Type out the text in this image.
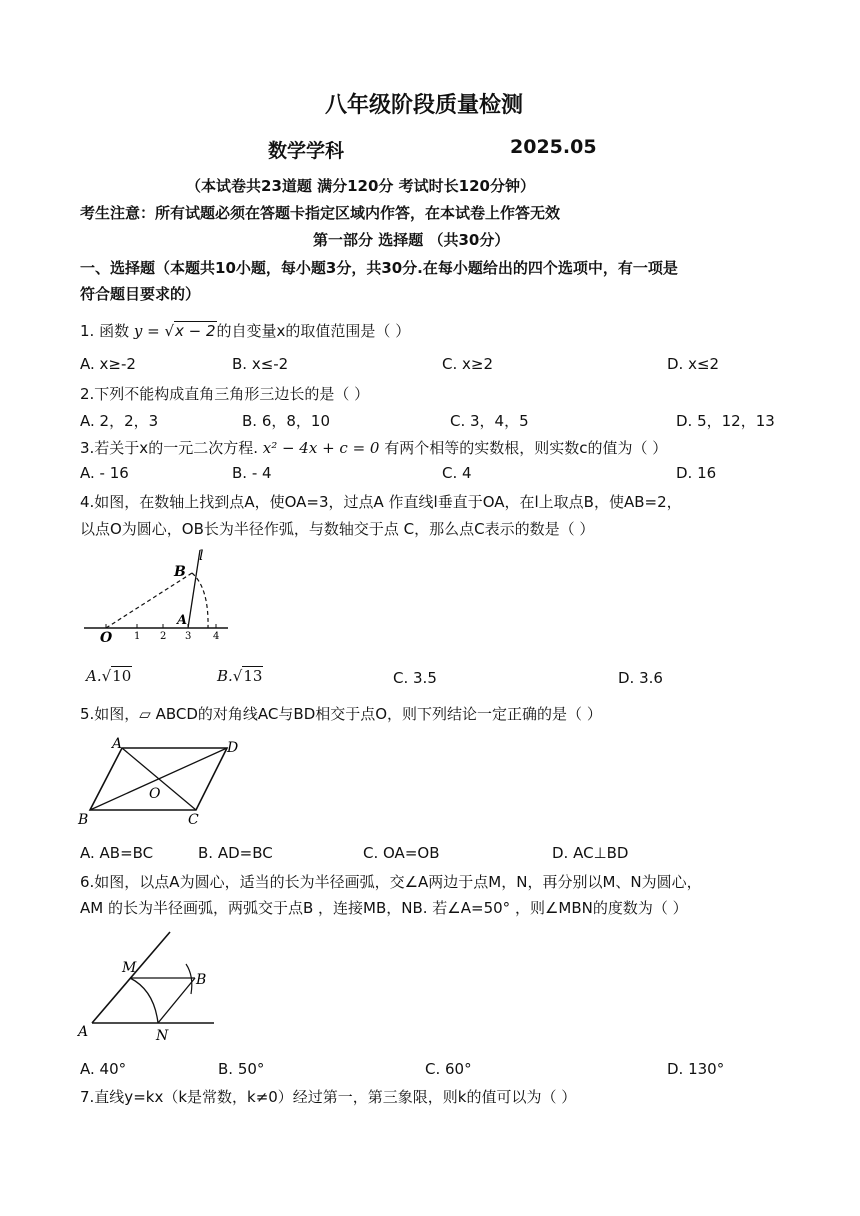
八年级阶段质量检测
数学学科	2025.05
（本试卷共23道题 满分120分 考试时长120分钟）
考生注意：所有试题必须在答题卡指定区域内作答，在本试卷上作答无效
第一部分 选择题 （共30分）
一、选择题（本题共10小题，每小题3分，共30分.在每小题给出的四个选项中，有一项是
符合题目要求的）
1. 函数 y = √x − 2的自变量x的取值范围是（ ）
A. x≥-2	B. x≤-2	C. x≥2	D. x≤2
2.下列不能构成直角三角形三边长的是（ ）
A. 2，2，3	B. 6，8，10	C. 3，4，5	D. 5，12，13
3.若关于x的一元二次方程. x² − 4x + c = 0 有两个相等的实数根，则实数c的值为（ ）
A. - 16	B. - 4	C. 4	D. 16
4.如图，在数轴上找到点A，使OA=3，过点A 作直线l垂直于OA，在l上取点B，使AB=2，
以点O为圆心，OB长为半径作弧，与数轴交于点 C，那么点C表示的数是（ ）
O 1 2 3 4
A
B
l
A.√10	B.√13	C. 3.5	D. 3.6
5.如图，▱ ABCD的对角线AC与BD相交于点O，则下列结论一定正确的是（ ）
A	D
O
B	C
A. AB=BC	B. AD=BC	C. OA=OB	D. AC⊥BD
6.如图，以点A为圆心，适当的长为半径画弧，交∠A两边于点M，N，再分别以M、N为圆心，
AM 的长为半径画弧，两弧交于点B ，连接MB，NB. 若∠A=50° ，则∠MBN的度数为（ ）
A
M
N
B
A. 40°	B. 50°	C. 60°	D. 130°
7.直线y=kx（k是常数，k≠0）经过第一，第三象限，则k的值可以为（ ）
